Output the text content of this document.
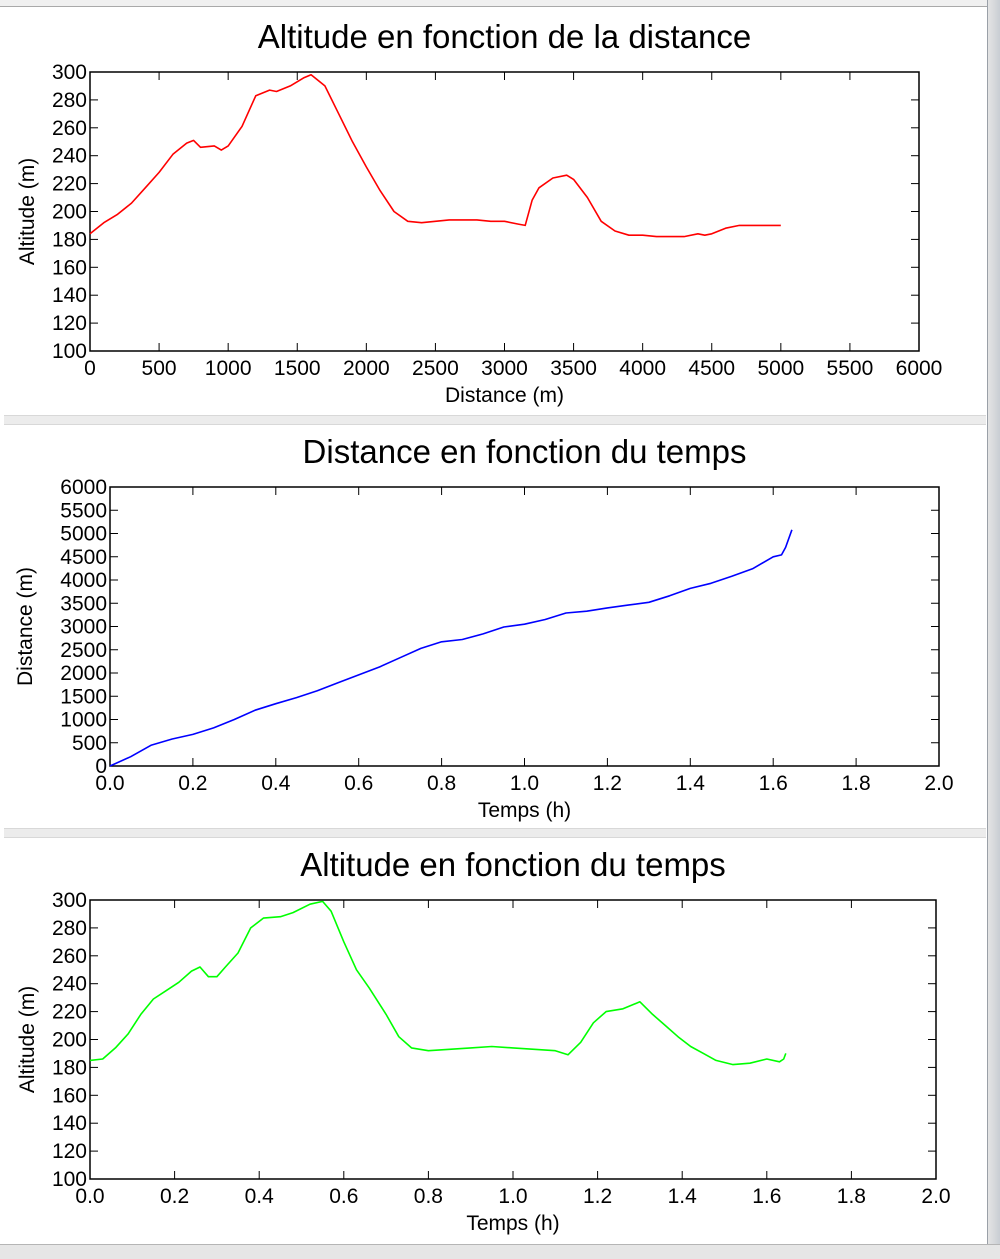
Altitude en fonction de la distance
0 500 1000 1500 2000 2500 3000 3500 4000 4500 5000 5500 6000
100
120
140
160
180
200
220
240
260
280
300
Distance (m)
Altitude (m)
Distance en fonction du temps
0.0	0.2	0.4	0.6	0.8	1.0	1.2	1.4	1.6	1.8	2.0
0
500
1000
1500
2000
2500
3000
3500
4000
4500
5000
5500
6000
Temps (h)
Distance (m)
Altitude en fonction du temps
0.0	0.2	0.4	0.6	0.8	1.0	1.2	1.4	1.6	1.8	2.0
100
120
140
160
180
200
220
240
260
280
300
Temps (h)
Altitude (m)
